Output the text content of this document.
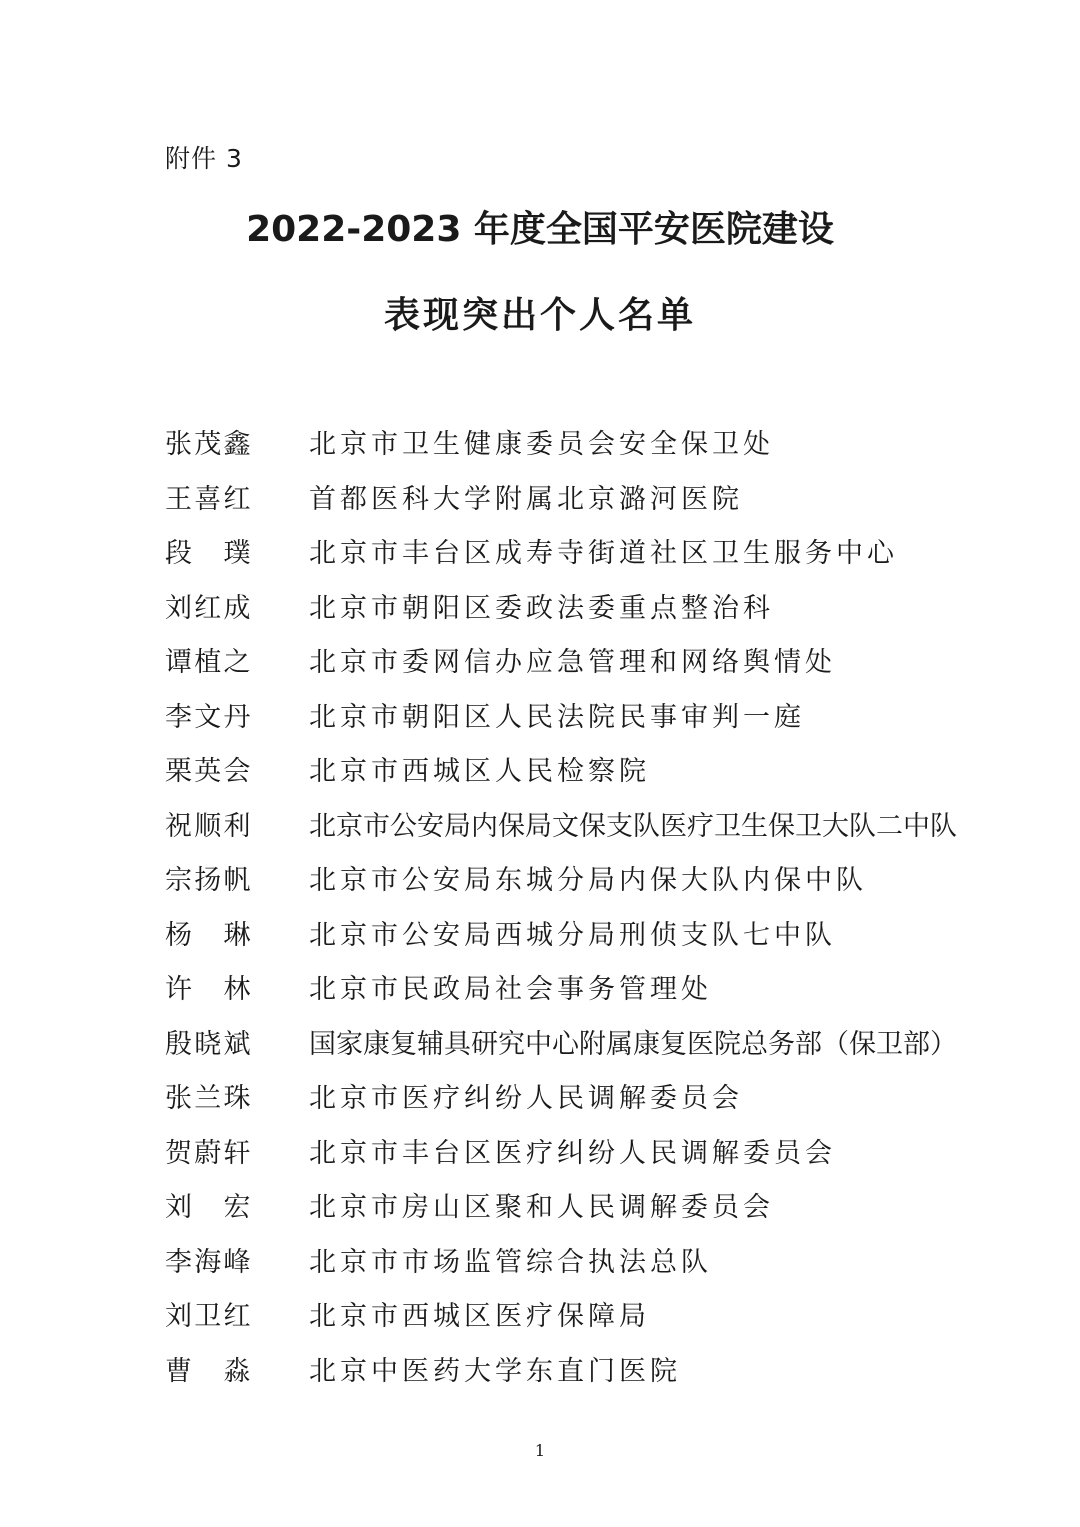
附件 3
2022-2023 年度全国平安医院建设
表现突出个人名单
张茂鑫 北京市卫生健康委员会安全保卫处
王喜红 首都医科大学附属北京潞河医院
段璞 北京市丰台区成寿寺街道社区卫生服务中心
刘红成 北京市朝阳区委政法委重点整治科
谭植之 北京市委网信办应急管理和网络舆情处
李文丹 北京市朝阳区人民法院民事审判一庭
栗英会 北京市西城区人民检察院
祝顺利 北京市公安局内保局文保支队医疗卫生保卫大队二中队
宗扬帆 北京市公安局东城分局内保大队内保中队
杨琳 北京市公安局西城分局刑侦支队七中队
许林 北京市民政局社会事务管理处
殷晓斌 国家康复辅具研究中心附属康复医院总务部（保卫部）
张兰珠 北京市医疗纠纷人民调解委员会
贺蔚轩 北京市丰台区医疗纠纷人民调解委员会
刘宏 北京市房山区聚和人民调解委员会
李海峰 北京市市场监管综合执法总队
刘卫红 北京市西城区医疗保障局
曹淼 北京中医药大学东直门医院
1
